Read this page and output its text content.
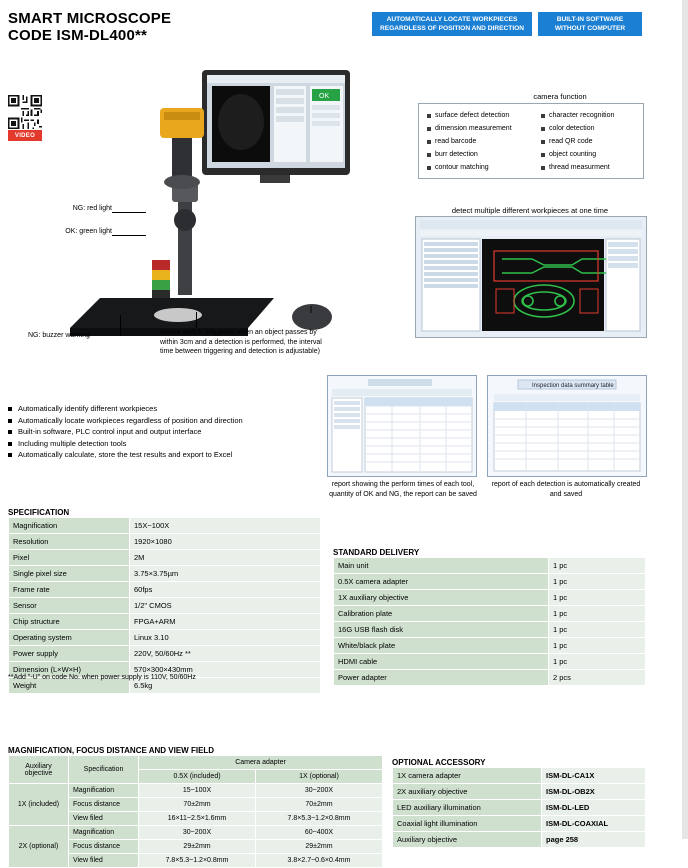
SMART MICROSCOPE
CODE ISM-DL400**
AUTOMATICALLY LOCATE WORKPIECES REGARDLESS OF POSITION AND DIRECTION
BUILT-IN SOFTWARE WITHOUT COMPUTER
VIDEO
OK
NG: red light
OK: green light
NG: buzzer warning	sensor switch (triggered when an object passes by within 3cm and a detection is performed, the interval time between triggering and detection is adjustable)
camera function
surface defect detection
dimension measurement
read barcode
burr detection
contour matching
character recognition
color detection
read QR code
object counting
thread measurment
detect multiple different workpieces at one time
Automatically identify different workpieces
Automatically locate workpieces regardless of position and direction
Built-in software, PLC control input and output interface
Including multiple detection tools
Automatically calculate, store the test results and export to Excel
Inspection data summary table
report showing the perform times of each tool, quantity of OK and NG, the report can be saved
report of each detection is automatically created and saved
SPECIFICATION
Magnification	15X~100X
Resolution	1920×1080
Pixel	2M
Single pixel size	3.75×3.75µm
Frame rate	60fps
Sensor	1/2" CMOS
Chip structure	FPGA+ARM
Operating system	Linux 3.10
Power supply	220V, 50/60Hz **
Dimension (L×W×H)	570×300×430mm
Weight	6.5kg
**Add "-U" on code No. when power supply is 110V, 50/60Hz
STANDARD DELIVERY
Main unit	1 pc
0.5X camera adapter	1 pc
1X auxiliary objective	1 pc
Calibration plate	1 pc
16G USB flash disk	1 pc
White/black plate	1 pc
HDMI cable	1 pc
Power adapter	2 pcs
MAGNIFICATION, FOCUS DISTANCE AND VIEW FIELD
Auxiliary objective	Specification	Camera adapter	
		0.5X (included)	1X (optional)
1X (included)	Magnification	15~100X	30~200X
	Focus distance	70±2mm	70±2mm
	View filed	16×11~2.5×1.6mm	7.8×5.3~1.2×0.8mm
2X (optional)	Magnification	30~200X	60~400X
	Focus distance	29±2mm	29±2mm
	View filed	7.8×5.3~1.2×0.8mm	3.8×2.7~0.6×0.4mm
OPTIONAL ACCESSORY
1X camera adapter	ISM-DL-CA1X
2X auxiliary objective	ISM-DL-OB2X
LED auxiliary illumination	ISM-DL-LED
Coaxial light illumination	ISM-DL-COAXIAL
Auxiliary objective	page 258
